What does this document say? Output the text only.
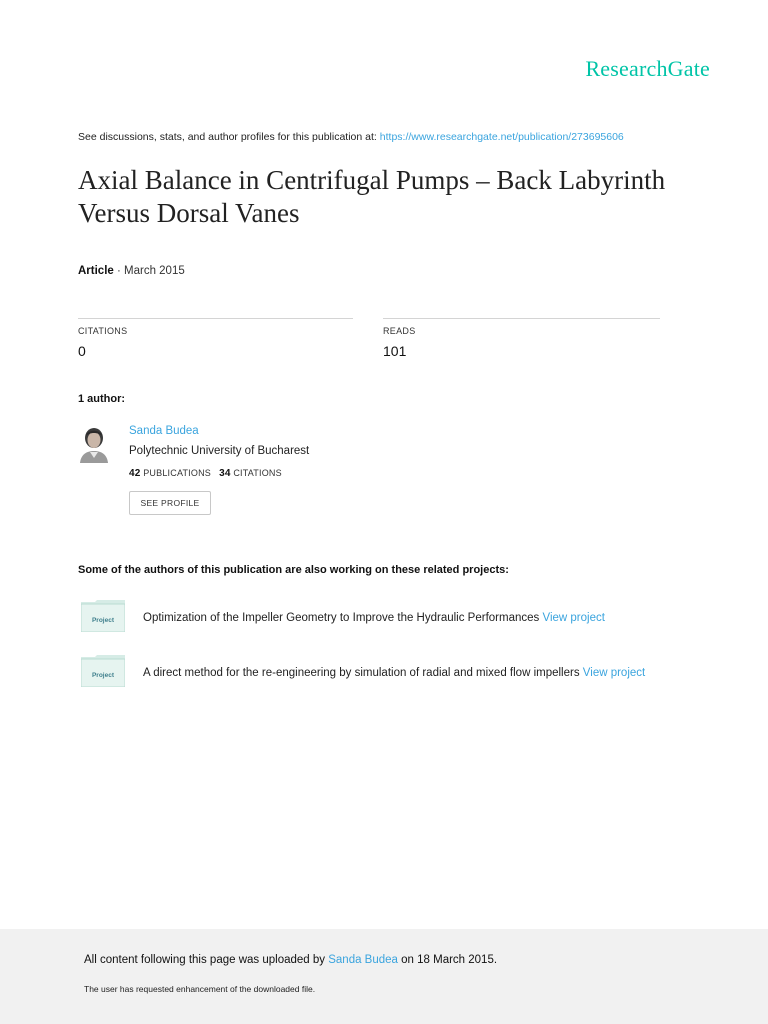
ResearchGate
See discussions, stats, and author profiles for this publication at: https://www.researchgate.net/publication/273695606
Axial Balance in Centrifugal Pumps – Back Labyrinth Versus Dorsal Vanes
Article · March 2015
CITATIONS
0
READS
101
1 author:
Sanda Budea
Polytechnic University of Bucharest
42 PUBLICATIONS 34 CITATIONS
SEE PROFILE
Some of the authors of this publication are also working on these related projects:
Project	Optimization of the Impeller Geometry to Improve the Hydraulic Performances View project
Project	A direct method for the re-engineering by simulation of radial and mixed flow impellers View project
All content following this page was uploaded by Sanda Budea on 18 March 2015.
The user has requested enhancement of the downloaded file.
